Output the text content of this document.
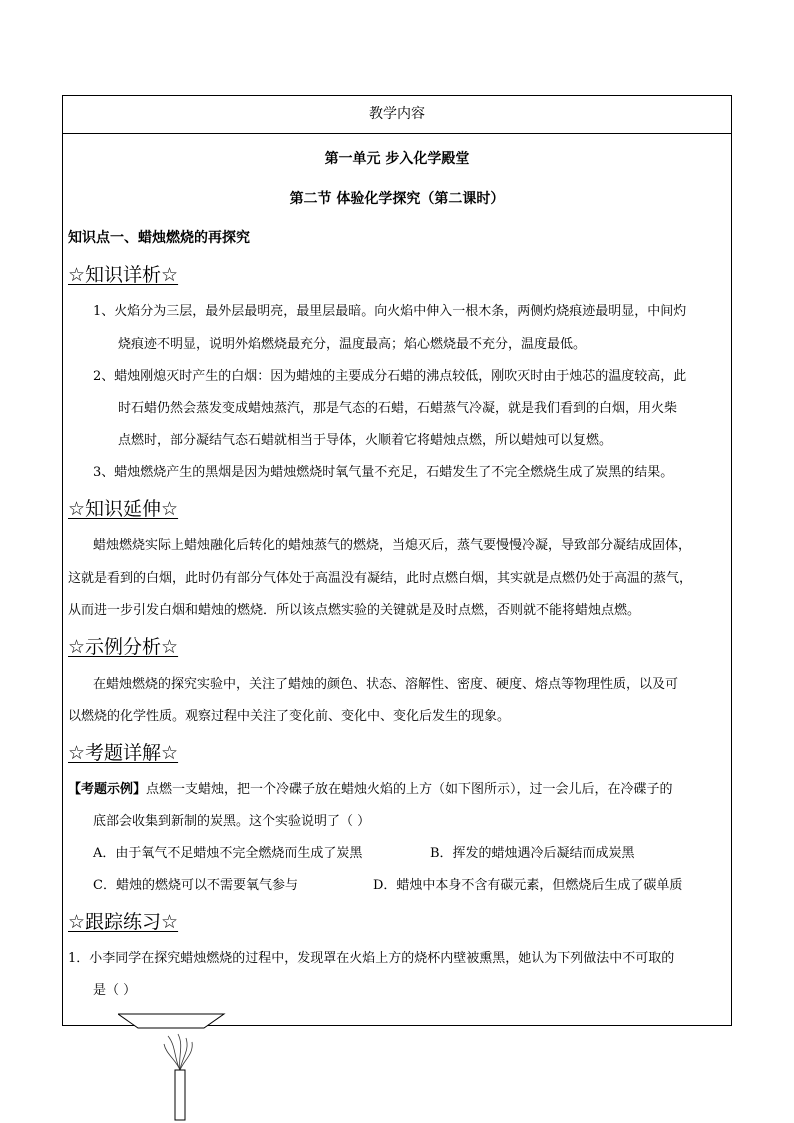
教学内容
第一单元 步入化学殿堂
第二节 体验化学探究（第二课时）
知识点一、蜡烛燃烧的再探究
☆知识详析☆
1、火焰分为三层，最外层最明亮，最里层最暗。向火焰中伸入一根木条，两侧灼烧痕迹最明显，中间灼
烧痕迹不明显，说明外焰燃烧最充分，温度最高；焰心燃烧最不充分，温度最低。
2、蜡烛刚熄灭时产生的白烟：因为蜡烛的主要成分石蜡的沸点较低，刚吹灭时由于烛芯的温度较高，此
时石蜡仍然会蒸发变成蜡烛蒸汽，那是气态的石蜡，石蜡蒸气冷凝，就是我们看到的白烟，用火柴
点燃时，部分凝结气态石蜡就相当于导体，火顺着它将蜡烛点燃，所以蜡烛可以复燃。
3、蜡烛燃烧产生的黑烟是因为蜡烛燃烧时氧气量不充足，石蜡发生了不完全燃烧生成了炭黑的结果。
☆知识延伸☆
蜡烛燃烧实际上蜡烛融化后转化的蜡烛蒸气的燃烧，当熄灭后，蒸气要慢慢冷凝，导致部分凝结成固体，
这就是看到的白烟，此时仍有部分气体处于高温没有凝结，此时点燃白烟，其实就是点燃仍处于高温的蒸气，
从而进一步引发白烟和蜡烛的燃烧．所以该点燃实验的关键就是及时点燃，否则就不能将蜡烛点燃。
☆示例分析☆
在蜡烛燃烧的探究实验中，关注了蜡烛的颜色、状态、溶解性、密度、硬度、熔点等物理性质，以及可
以燃烧的化学性质。观察过程中关注了变化前、变化中、变化后发生的现象。
☆考题详解☆
【考题示例】点燃一支蜡烛，把一个冷碟子放在蜡烛火焰的上方（如下图所示），过一会儿后，在冷碟子的
底部会收集到新制的炭黑。这个实验说明了（ ）
A．由于氧气不足蜡烛不完全燃烧而生成了炭黑	B．挥发的蜡烛遇冷后凝结而成炭黑
C．蜡烛的燃烧可以不需要氧气参与	D．蜡烛中本身不含有碳元素，但燃烧后生成了碳单质
☆跟踪练习☆
1．小李同学在探究蜡烛燃烧的过程中，发现罩在火焰上方的烧杯内壁被熏黑，她认为下列做法中不可取的
是（ ）
